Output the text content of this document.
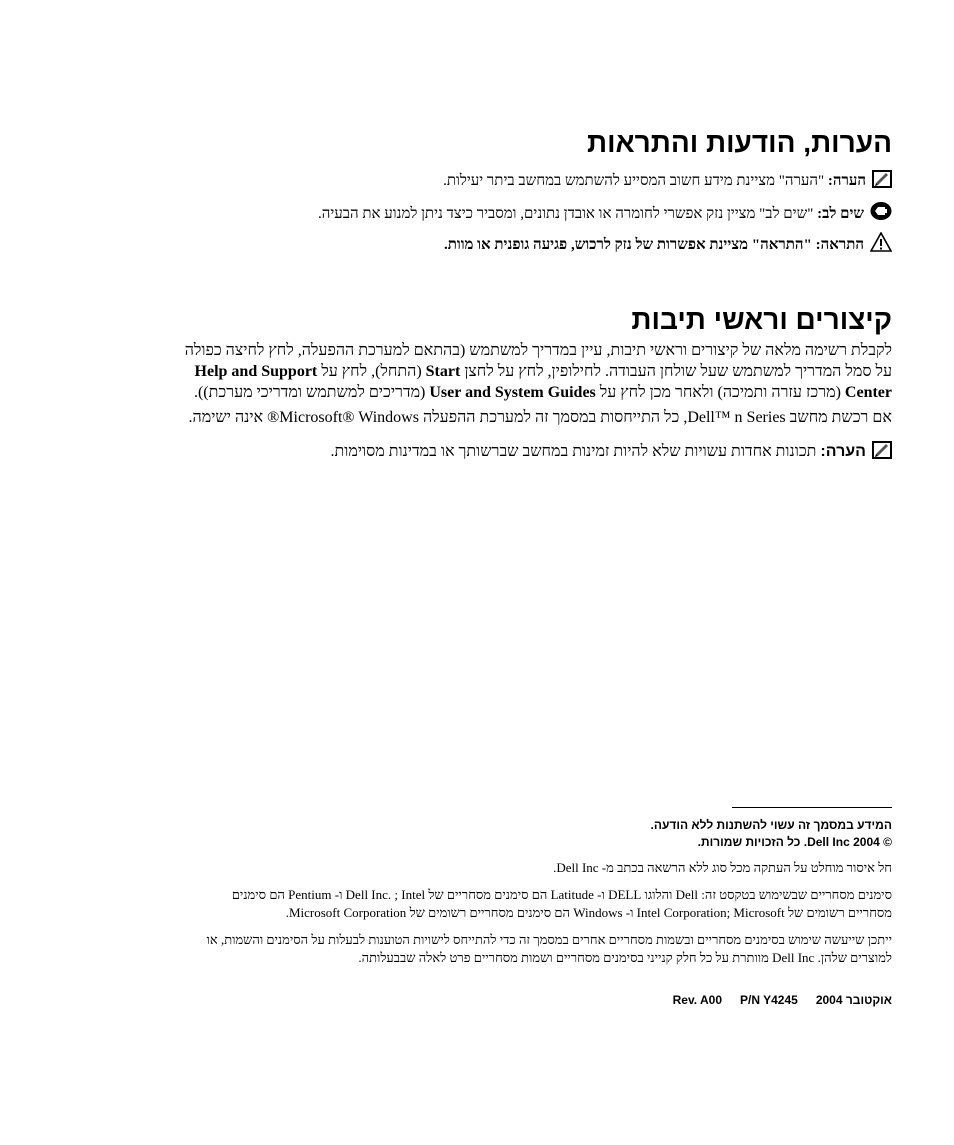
הערות, הודעות והתראות
הערה: "הערה" מציינת מידע חשוב המסייע להשתמש במחשב ביתר יעילות.
שים לב: "שים לב" מציין נזק אפשרי לחומרה או אובדן נתונים, ומסביר כיצד ניתן למנוע את הבעיה.
התראה: "התראה" מציינת אפשרות של נזק לרכוש, פגיעה גופנית או מוות.
קיצורים וראשי תיבות
לקבלת רשימה מלאה של קיצורים וראשי תיבות, עיין במדריך למשתמש (בהתאם למערכת ההפעלה, לחץ לחיצה כפולה
על סמל המדריך למשתמש שעל שולחן העבודה. לחילופין, לחץ על לחצן Start (התחל), לחץ על Help and Support
Center (מרכז עזרה ותמיכה) ולאחר מכן לחץ על User and System Guides (מדריכים למשתמש ומדריכי מערכת)).
אם רכשת מחשב Dell™ n Series, כל התייחסות במסמך זה למערכת ההפעלה Microsoft® Windows® אינה ישימה.
הערה: תכונות אחדות עשויות שלא להיות זמינות במחשב שברשותך או במדינות מסוימות.
המידע במסמך זה עשוי להשתנות ללא הודעה.
© 2004 Dell Inc. כל הזכויות שמורות.
חל איסור מוחלט על העתקה מכל סוג ללא הרשאה בכתב מ- Dell Inc.
סימנים מסחריים שבשימוש בטקסט זה: Dell והלוגו DELL ו- Latitude הם סימנים מסחריים של Dell Inc. ; Intel ו- Pentium הם סימנים
מסחריים רשומים של Intel Corporation; Microsoft ו- Windows הם סימנים מסחריים רשומים של Microsoft Corporation.
ייתכן שייעשה שימוש בסימנים מסחריים ובשמות מסחריים אחרים במסמך זה כדי להתייחס לישויות הטוענות לבעלות על הסימנים והשמות, או
למוצרים שלהן. Dell Inc מוותרת על כל חלק קנייני בסימנים מסחריים ושמות מסחריים פרט לאלה שבבעלותה.
אוקטובר 2004P/N Y4245Rev. A00
